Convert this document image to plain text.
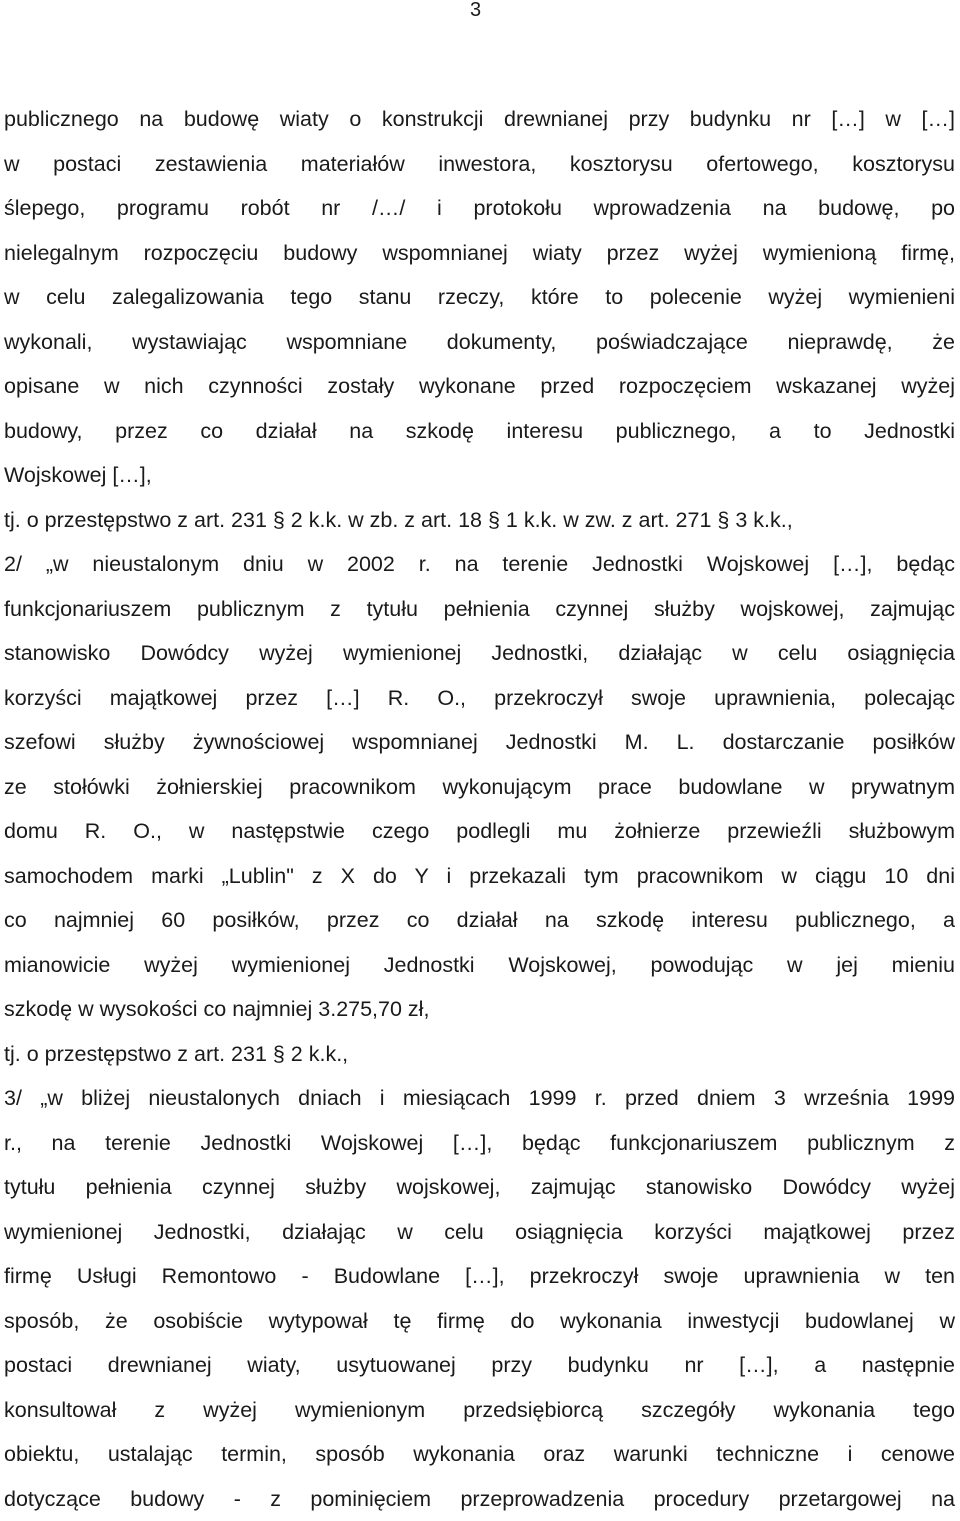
3
publicznego na budowę wiaty o konstrukcji drewnianej przy budynku nr […] w […]
w postaci zestawienia materiałów inwestora, kosztorysu ofertowego, kosztorysu
ślepego, programu robót nr /…/ i protokołu wprowadzenia na budowę, po
nielegalnym rozpoczęciu budowy wspomnianej wiaty przez wyżej wymienioną firmę,
w celu zalegalizowania tego stanu rzeczy, które to polecenie wyżej wymienieni
wykonali, wystawiając wspomniane dokumenty, poświadczające nieprawdę, że
opisane w nich czynności zostały wykonane przed rozpoczęciem wskazanej wyżej
budowy, przez co działał na szkodę interesu publicznego, a to Jednostki
Wojskowej […],
tj. o przestępstwo z art. 231 § 2 k.k. w zb. z art. 18 § 1 k.k. w zw. z art. 271 § 3 k.k.,
2/ „w nieustalonym dniu w 2002 r. na terenie Jednostki Wojskowej […], będąc
funkcjonariuszem publicznym z tytułu pełnienia czynnej służby wojskowej, zajmując
stanowisko Dowódcy wyżej wymienionej Jednostki, działając w celu osiągnięcia
korzyści majątkowej przez […] R. O., przekroczył swoje uprawnienia, polecając
szefowi służby żywnościowej wspomnianej Jednostki M. L. dostarczanie posiłków
ze stołówki żołnierskiej pracownikom wykonującym prace budowlane w prywatnym
domu R. O., w następstwie czego podlegli mu żołnierze przewieźli służbowym
samochodem marki „Lublin" z X do Y i przekazali tym pracownikom w ciągu 10 dni
co najmniej 60 posiłków, przez co działał na szkodę interesu publicznego, a
mianowicie wyżej wymienionej Jednostki Wojskowej, powodując w jej mieniu
szkodę w wysokości co najmniej 3.275,70 zł,
tj. o przestępstwo z art. 231 § 2 k.k.,
3/ „w bliżej nieustalonych dniach i miesiącach 1999 r. przed dniem 3 września 1999
r., na terenie Jednostki Wojskowej […], będąc funkcjonariuszem publicznym z
tytułu pełnienia czynnej służby wojskowej, zajmując stanowisko Dowódcy wyżej
wymienionej Jednostki, działając w celu osiągnięcia korzyści majątkowej przez
firmę Usługi Remontowo - Budowlane […], przekroczył swoje uprawnienia w ten
sposób, że osobiście wytypował tę firmę do wykonania inwestycji budowlanej w
postaci drewnianej wiaty, usytuowanej przy budynku nr […], a następnie
konsultował z wyżej wymienionym przedsiębiorcą szczegóły wykonania tego
obiektu, ustalając termin, sposób wykonania oraz warunki techniczne i cenowe
dotyczące budowy - z pominięciem przeprowadzenia procedury przetargowej na
